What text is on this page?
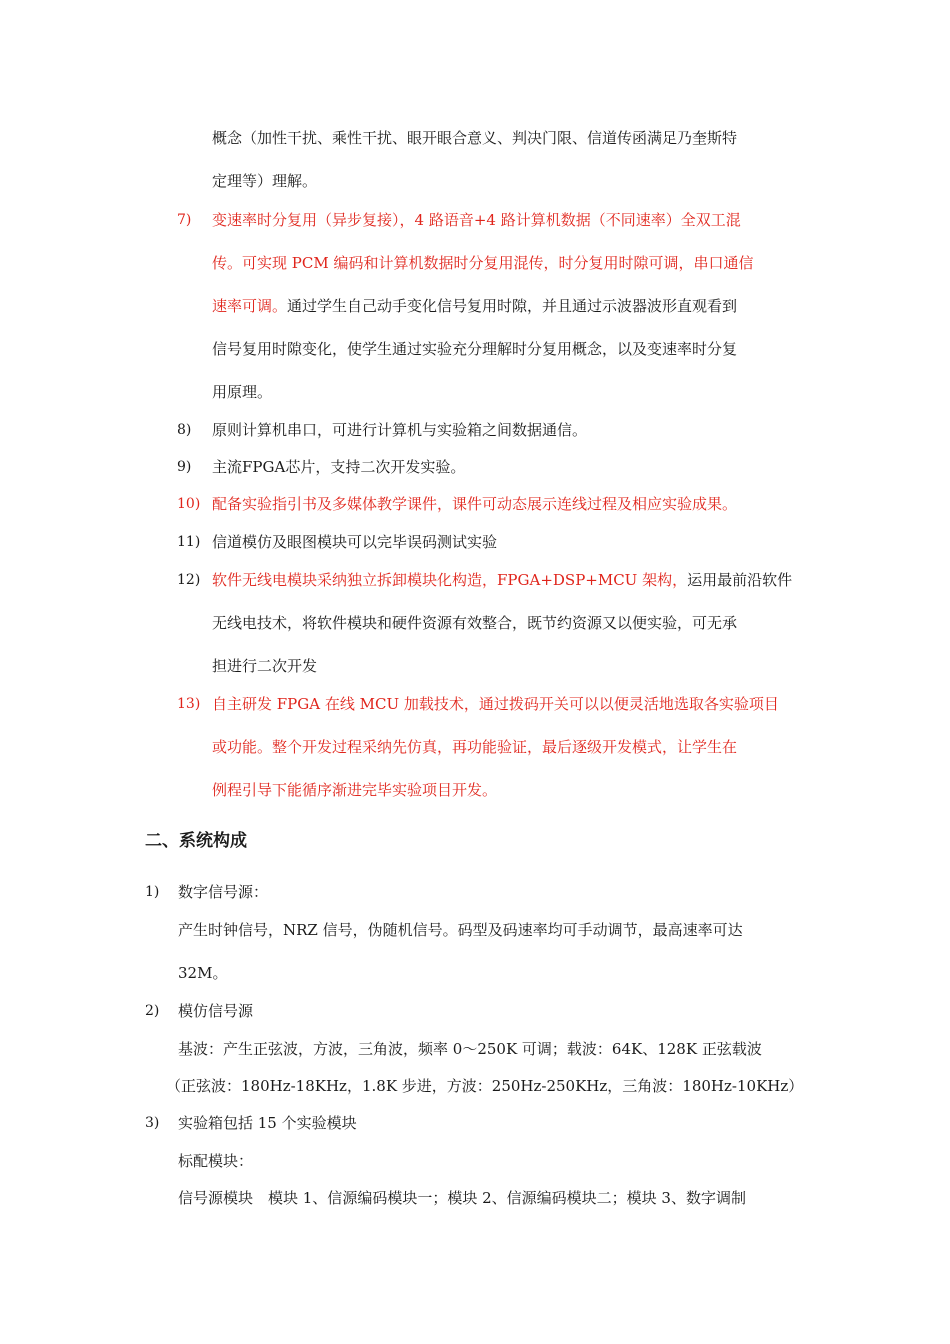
概念（加性干扰、乘性干扰、眼开眼合意义、判决门限、信道传函满足乃奎斯特
定理等）理解。
7) 变速率时分复用（异步复接），4 路语音+4 路计算机数据（不同速率）全双工混
传。可实现 PCM 编码和计算机数据时分复用混传，时分复用时隙可调，串口通信
速率可调。通过学生自己动手变化信号复用时隙，并且通过示波器波形直观看到
信号复用时隙变化，使学生通过实验充分理解时分复用概念，以及变速率时分复
用原理。
8) 原则计算机串口，可进行计算机与实验箱之间数据通信。
9) 主流FPGA芯片，支持二次开发实验。
10) 配备实验指引书及多媒体教学课件，课件可动态展示连线过程及相应实验成果。
11) 信道模仿及眼图模块可以完毕误码测试实验
12) 软件无线电模块采纳独立拆卸模块化构造，FPGA+DSP+MCU 架构，运用最前沿软件
无线电技术，将软件模块和硬件资源有效整合，既节约资源又以便实验，可无承
担进行二次开发
13) 自主研发 FPGA 在线 MCU 加载技术，通过拨码开关可以以便灵活地选取各实验项目
或功能。整个开发过程采纳先仿真，再功能验证，最后逐级开发模式，让学生在
例程引导下能循序渐进完毕实验项目开发。
二、系统构成
1) 数字信号源：
产生时钟信号，NRZ 信号，伪随机信号。码型及码速率均可手动调节，最高速率可达
32M。
2) 模仿信号源
基波：产生正弦波，方波，三角波，频率 0～250K 可调；载波：64K、128K 正弦载波
（正弦波：180Hz-18KHz，1.8K 步进，方波：250Hz-250KHz，三角波：180Hz-10KHz）
3) 实验箱包括 15 个实验模块
标配模块：
信号源模块　模块 1、信源编码模块一；模块 2、信源编码模块二；模块 3、数字调制
